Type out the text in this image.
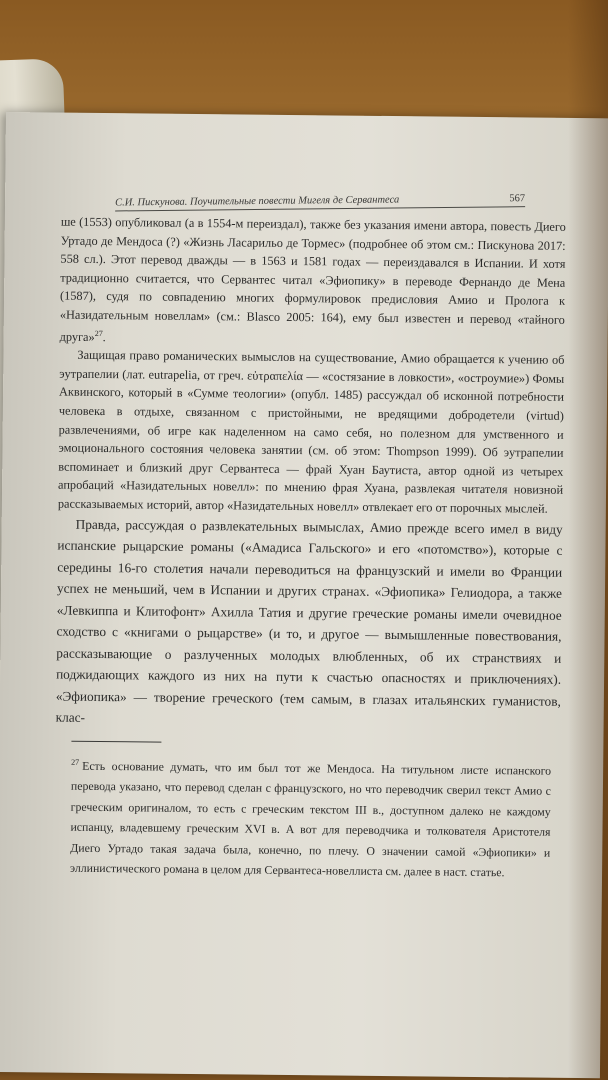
С.И. Пискунова. Поучительные повести Мигеля де Сервантеса	567

ше (1553) опубликовал (а в 1554-м переиздал), также без указания имени автора, повесть Диего Уртадо де Мендоса (?) «Жизнь Ласарильо де Тормес» (подробнее об этом см.: Пискунова 2017: 558 сл.). Этот перевод дважды — в 1563 и 1581 годах — переиздавался в Испании. И хотя традиционно считается, что Сервантес читал «Эфиопику» в переводе Фернандо де Мена (1587), судя по совпадению многих формулировок предисловия Амио и Пролога к «Назидательным новеллам» (см.: Blasco 2005: 164), ему был известен и перевод «тайного друга»$^{27}$.

Защищая право романических вымыслов на существование, Амио обращается к учению об эутрапелии (лат. eutrapelia, от греч. εὐτραπελία — «состязание в ловкости», «остроумие») Фомы Аквинского, который в «Сумме теологии» (опубл. 1485) рассуждал об исконной потребности человека в отдыхе, связанном с пристойными, не вредящими добродетели (virtud) развлечениями, об игре как наделенном на само себя, но полезном для умственного и эмоционального состояния человека занятии (см. об этом: Thompson 1999). Об эутрапелии вспоминает и близкий друг Сервантеса — фрай Хуан Баутиста, автор одной из четырех апробаций «Назидательных новелл»: по мнению фрая Хуана, развлекая читателя новизной рассказываемых историй, автор «Назидательных новелл» отвлекает его от порочных мыслей.

Правда, рассуждая о развлекательных вымыслах, Амио прежде всего имел в виду испанские рыцарские романы («Амадиса Гальского» и его «потомство»), которые с середины 16-го столетия начали переводиться на французский и имели во Франции успех не меньший, чем в Испании и других странах. «Эфиопика» Гелиодора, а также «Левкиппа и Клитофонт» Ахилла Татия и другие греческие романы имели очевидное сходство с «книгами о рыцарстве» (и то, и другое — вымышленные повествования, рассказывающие о разлученных молодых влюбленных, об их странствиях и поджидающих каждого из них на пути к счастью опасностях и приключениях). «Эфиопика» — творение греческого (тем самым, в глазах итальянских гуманистов, клас-

$^{27}$ Есть основание думать, что им был тот же Мендоса. На титульном листе испанского перевода указано, что перевод сделан с французского, но что переводчик сверил текст Амио с греческим оригиналом, то есть с греческим текстом III в., доступном далеко не каждому испанцу, владевшему греческим XVI в. А вот для переводчика и толкователя Аристотеля Диего Уртадо такая задача была, конечно, по плечу. О значении самой «Эфиопики» и эллинистического романа в целом для Сервантеса-новеллиста см. далее в наст. статье.
